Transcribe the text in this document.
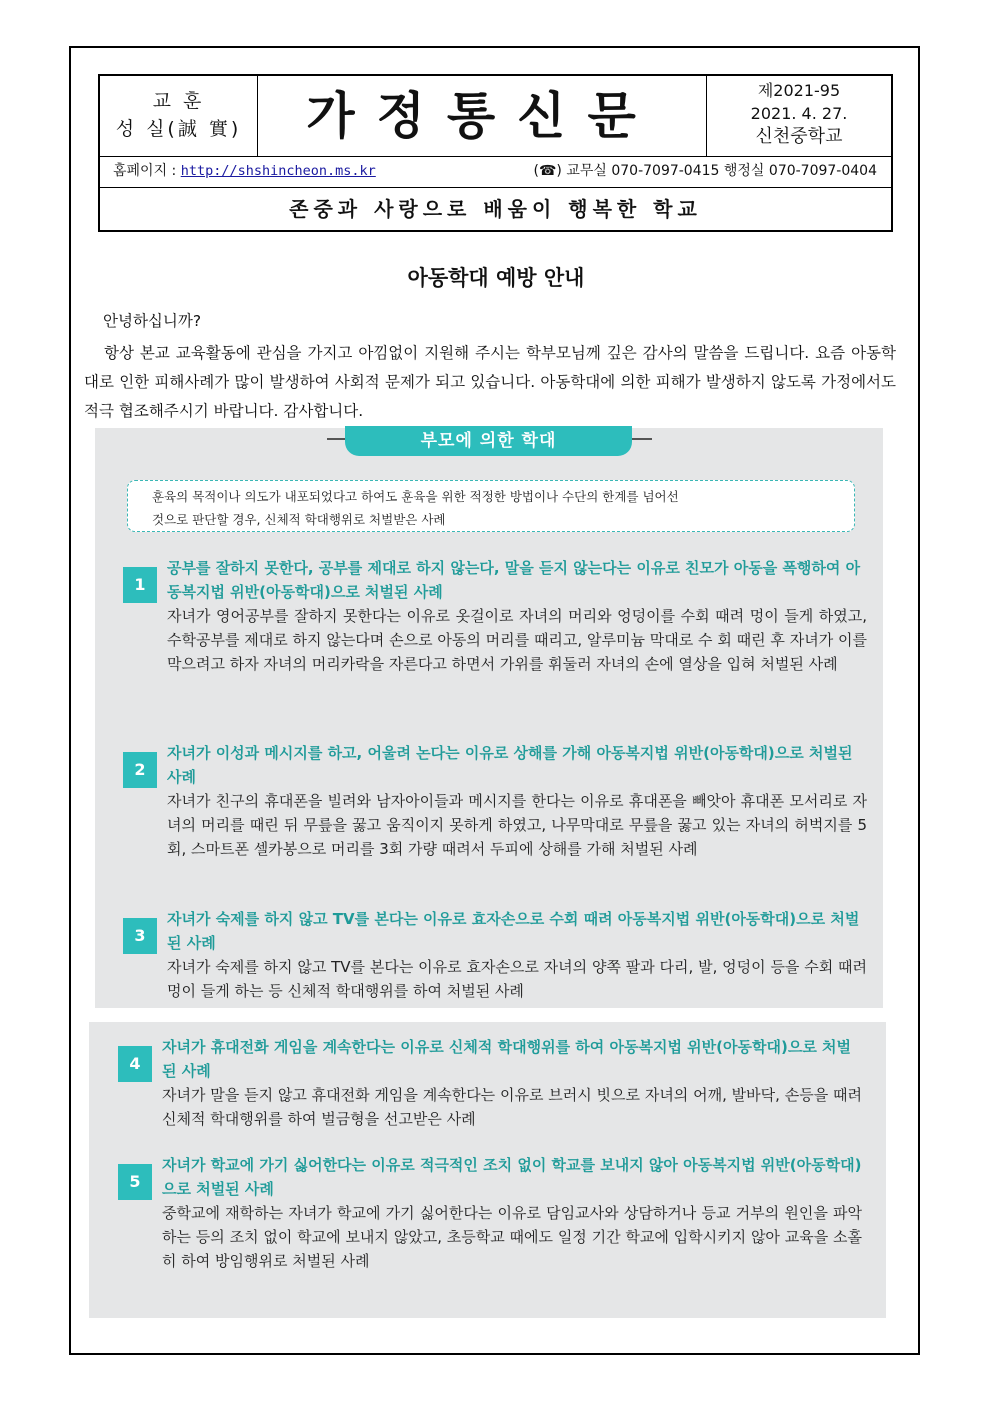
교 훈
성 실(誠 實)	가정통신문	제2021-95
2021. 4. 27.
신천중학교
홈페이지 : http://shshincheon.ms.kr	(☎) 교무실 070-7097-0415 행정실 070-7097-0404
존중과 사랑으로 배움이 행복한 학교
아동학대 예방 안내
안녕하십니까?

항상 본교 교육활동에 관심을 가지고 아낌없이 지원해 주시는 학부모님께 깊은 감사의 말씀을 드립니다. 요즘 아동학대로 인한 피해사례가 많이 발생하여 사회적 문제가 되고 있습니다. 아동학대에 의한 피해가 발생하지 않도록 가정에서도 적극 협조해주시기 바랍니다. 감사합니다.

부모에 의한 학대
훈육의 목적이나 의도가 내포되었다고 하여도 훈육을 위한 적정한 방법이나 수단의 한계를 넘어선
것으로 판단할 경우, 신체적 학대행위로 처벌받은 사례
1
공부를 잘하지 못한다, 공부를 제대로 하지 않는다, 말을 듣지 않는다는 이유로 친모가 아동을 폭행하여 아동복지법 위반(아동학대)으로 처벌된 사례
자녀가 영어공부를 잘하지 못한다는 이유로 옷걸이로 자녀의 머리와 엉덩이를 수회 때려 멍이 들게 하였고, 수학공부를 제대로 하지 않는다며 손으로 아동의 머리를 때리고, 알루미늄 막대로 수 회 때린 후 자녀가 이를 막으려고 하자 자녀의 머리카락을 자른다고 하면서 가위를 휘둘러 자녀의 손에 열상을 입혀 처벌된 사례
2
자녀가 이성과 메시지를 하고, 어울려 논다는 이유로 상해를 가해 아동복지법 위반(아동학대)으로 처벌된 사례
자녀가 친구의 휴대폰을 빌려와 남자아이들과 메시지를 한다는 이유로 휴대폰을 빼앗아 휴대폰 모서리로 자녀의 머리를 때린 뒤 무릎을 꿇고 움직이지 못하게 하였고, 나무막대로 무릎을 꿇고 있는 자녀의 허벅지를 5회, 스마트폰 셀카봉으로 머리를 3회 가량 때려서 두피에 상해를 가해 처벌된 사례
3
자녀가 숙제를 하지 않고 TV를 본다는 이유로 효자손으로 수회 때려 아동복지법 위반(아동학대)으로 처벌된 사례
자녀가 숙제를 하지 않고 TV를 본다는 이유로 효자손으로 자녀의 양쪽 팔과 다리, 발, 엉덩이 등을 수회 때려 멍이 들게 하는 등 신체적 학대행위를 하여 처벌된 사례
4
자녀가 휴대전화 게임을 계속한다는 이유로 신체적 학대행위를 하여 아동복지법 위반(아동학대)으로 처벌된 사례
자녀가 말을 듣지 않고 휴대전화 게임을 계속한다는 이유로 브러시 빗으로 자녀의 어깨, 발바닥, 손등을 때려 신체적 학대행위를 하여 벌금형을 선고받은 사례
5
자녀가 학교에 가기 싫어한다는 이유로 적극적인 조치 없이 학교를 보내지 않아 아동복지법 위반(아동학대)으로 처벌된 사례
중학교에 재학하는 자녀가 학교에 가기 싫어한다는 이유로 담임교사와 상담하거나 등교 거부의 원인을 파악하는 등의 조치 없이 학교에 보내지 않았고, 초등학교 때에도 일정 기간 학교에 입학시키지 않아 교육을 소홀히 하여 방임행위로 처벌된 사례
